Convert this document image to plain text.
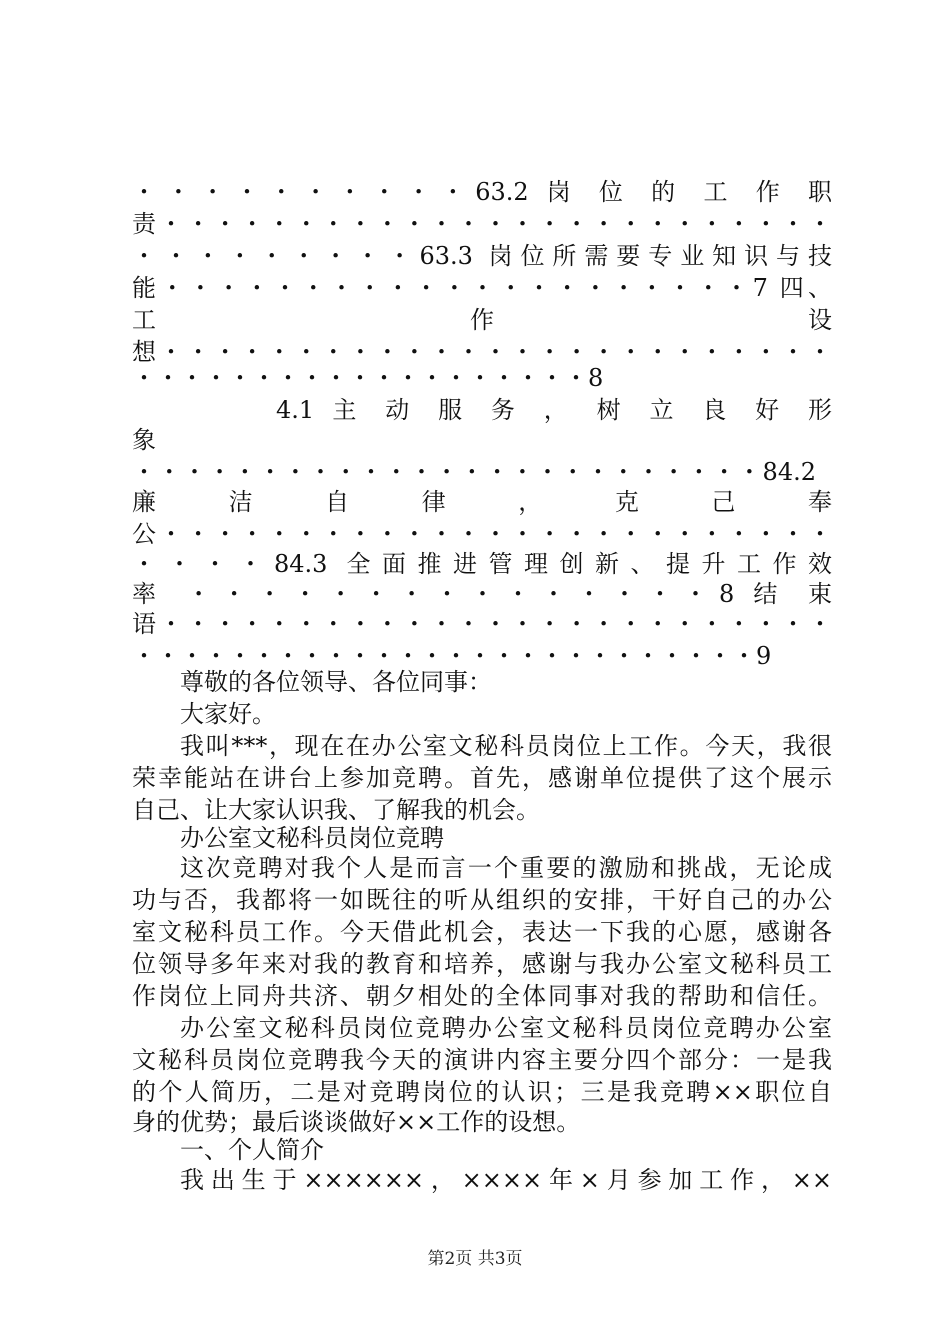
・・・・・・・・・・63.2 岗 位 的 工 作 职
责・・・・・・・・・・・・・・・・・・・・・・・・・
・・・・・・・・・63.3 岗位所需要专业知识与技
能・・・・・・・・・・・・・・・・・・・・・7 四、
工 作 设
想・・・・・・・・・・・・・・・・・・・・・・・・・
・・・・・・・・・・・・・・・・・・・8
4.1 主 动 服 务 ， 树 立 良 好 形
象
・・・・・・・・・・・・・・・・・・・・・・・・・84.2
廉 洁 自 律 ， 克 己 奉
公・・・・・・・・・・・・・・・・・・・・・・・・・
・・・・84.3 全面推进管理创新、提升工作效
率 ・・・・・・・・・・・・・・・8 结 束
语・・・・・・・・・・・・・・・・・・・・・・・・・
・・・・・・・・・・・・・・・・・・・・・・・・・・9
尊敬的各位领导、各位同事：
大家好。
我叫***，现在在办公室文秘科员岗位上工作。今天，我很
荣幸能站在讲台上参加竞聘。首先，感谢单位提供了这个展示
自己、让大家认识我、了解我的机会。
办公室文秘科员岗位竞聘
这次竞聘对我个人是而言一个重要的激励和挑战，无论成
功与否，我都将一如既往的听从组织的安排，干好自己的办公
室文秘科员工作。今天借此机会，表达一下我的心愿，感谢各
位领导多年来对我的教育和培养，感谢与我办公室文秘科员工
作岗位上同舟共济、朝夕相处的全体同事对我的帮助和信任。
办公室文秘科员岗位竞聘办公室文秘科员岗位竞聘办公室
文秘科员岗位竞聘我今天的演讲内容主要分四个部分：一是我
的个人简历，二是对竞聘岗位的认识；三是我竞聘××职位自
身的优势；最后谈谈做好××工作的设想。
一、个人简介
我出生于××××××，××××年×月参加工作，××
第2页 共3页
